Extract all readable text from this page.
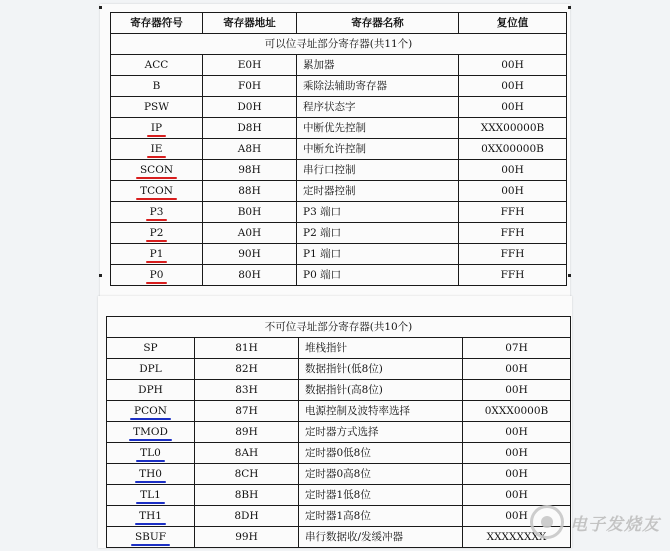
寄存器符号	寄存器地址	寄存器名称	复位值
可以位寻址部分寄存器(共11个)			
ACC	E0H	累加器	00H
B	F0H	乘除法辅助寄存器	00H
PSW	D0H	程序状态字	00H
IP	D8H	中断优先控制	XXX00000B
IE	A8H	中断允许控制	0XX00000B
SCON	98H	串行口控制	00H
TCON	88H	定时器控制	00H
P3	B0H	P3 端口	FFH
P2	A0H	P2 端口	FFH
P1	90H	P1 端口	FFH
P0	80H	P0 端口	FFH
不可位寻址部分寄存器(共10个)			
SP	81H	堆栈指针	07H
DPL	82H	数据指针(低8位)	00H
DPH	83H	数据指针(高8位)	00H
PCON	87H	电源控制及波特率选择	0XXX0000B
TMOD	89H	定时器方式选择	00H
TL0	8AH	定时器0低8位	00H
TH0	8CH	定时器0高8位	00H
TL1	8BH	定时器1低8位	00H
TH1	8DH	定时器1高8位	00H
SBUF	99H	串行数据收/发缓冲器	XXXXXXXX
电子发烧友
